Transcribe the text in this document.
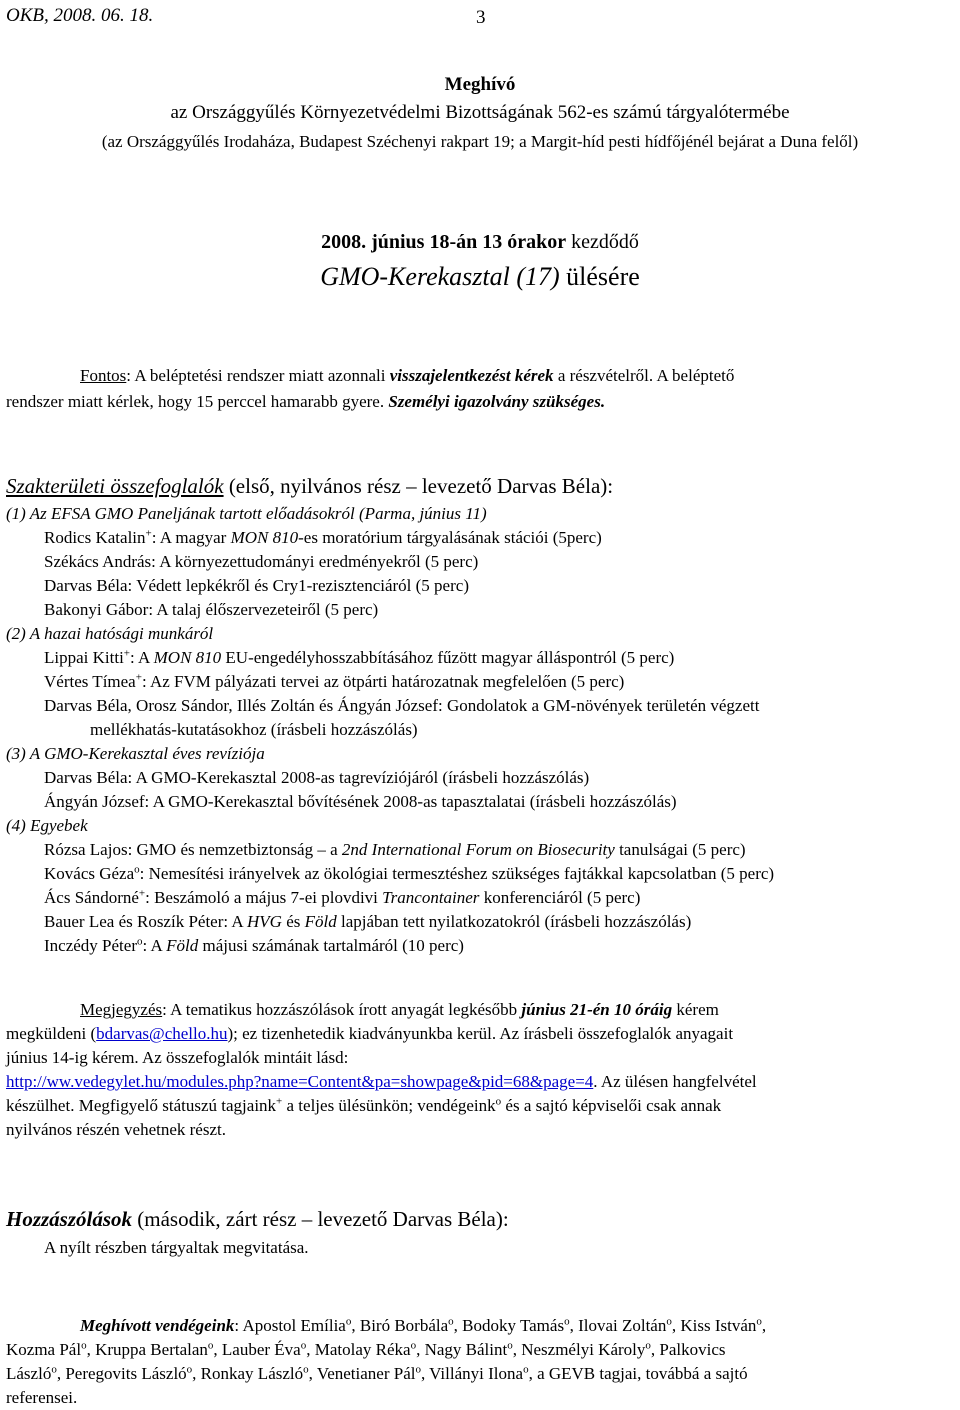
OKB, 2008. 06. 18.	3
Meghívó
az Országgyűlés Környezetvédelmi Bizottságának 562-es számú tárgyalótermébe
(az Országgyűlés Irodaháza, Budapest Széchenyi rakpart 19; a Margit-híd pesti hídfőjénél bejárat a Duna felől)
2008. június 18-án 13 órakor kezdődő
GMO-Kerekasztal (17) ülésére
Fontos: A beléptetési rendszer miatt azonnali visszajelentkezést kérek a részvételről. A beléptető
rendszer miatt kérlek, hogy 15 perccel hamarabb gyere. Személyi igazolvány szükséges.
Szakterületi összefoglalók (első, nyilvános rész – levezető Darvas Béla):
(1) Az EFSA GMO Paneljának tartott előadásokról (Parma, június 11)
Rodics Katalin+: A magyar MON 810-es moratórium tárgyalásának stációi (5perc)
Székács András: A környezettudományi eredményekről (5 perc)
Darvas Béla: Védett lepkékről és Cry1-rezisztenciáról (5 perc)
Bakonyi Gábor: A talaj élőszervezeteiről (5 perc)
(2) A hazai hatósági munkáról
Lippai Kitti+: A MON 810 EU-engedélyhosszabbításához fűzött magyar álláspontról (5 perc)
Vértes Tímea+: Az FVM pályázati tervei az ötpárti határozatnak megfelelően (5 perc)
Darvas Béla, Orosz Sándor, Illés Zoltán és Ángyán József: Gondolatok a GM-növények területén végzett
mellékhatás-kutatásokhoz (írásbeli hozzászólás)
(3) A GMO-Kerekasztal éves revíziója
Darvas Béla: A GMO-Kerekasztal 2008-as tagrevíziójáról (írásbeli hozzászólás)
Ángyán József: A GMO-Kerekasztal bővítésének 2008-as tapasztalatai (írásbeli hozzászólás)
(4) Egyebek
Rózsa Lajos: GMO és nemzetbiztonság – a 2nd International Forum on Biosecurity tanulságai (5 perc)
Kovács Géza$^o$: Nemesítési irányelvek az ökológiai termesztéshez szükséges fajtákkal kapcsolatban (5 perc)
Ács Sándorné+: Beszámoló a május 7-ei plovdivi Trancontainer konferenciáról (5 perc)
Bauer Lea és Roszík Péter: A HVG és Föld lapjában tett nyilatkozatokról (írásbeli hozzászólás)
Inczédy Péter$^o$: A Föld májusi számának tartalmáról (10 perc)
Megjegyzés: A tematikus hozzászólások írott anyagát legkésőbb június 21-én 10 óráig kérem
megküldeni (bdarvas@chello.hu); ez tizenhetedik kiadványunkba kerül. Az írásbeli összefoglalók anyagait
június 14-ig kérem. Az összefoglalók mintáit lásd:
http://ww.vedegylet.hu/modules.php?name=Content&pa=showpage&pid=68&page=4. Az ülésen hangfelvétel
készülhet. Megfigyelő státuszú tagjaink+ a teljes ülésünkön; vendégeink$^o$ és a sajtó képviselői csak annak
nyilvános részén vehetnek részt.
Hozzászólások (második, zárt rész – levezető Darvas Béla):
A nyílt részben tárgyaltak megvitatása.
Meghívott vendégeink: Apostol Emília$^o$, Biró Borbála$^o$, Bodoky Tamás$^o$, Ilovai Zoltán$^o$, Kiss István$^o$,
Kozma Pál$^o$, Kruppa Bertalan$^o$, Lauber Éva$^o$, Matolay Réka$^o$, Nagy Bálint$^o$, Neszmélyi Károly$^o$, Palkovics
László$^o$, Peregovits László$^o$, Ronkay László$^o$, Venetianer Pál$^o$, Villányi Ilona$^o$, a GEVB tagjai, továbbá a sajtó
referensei.
